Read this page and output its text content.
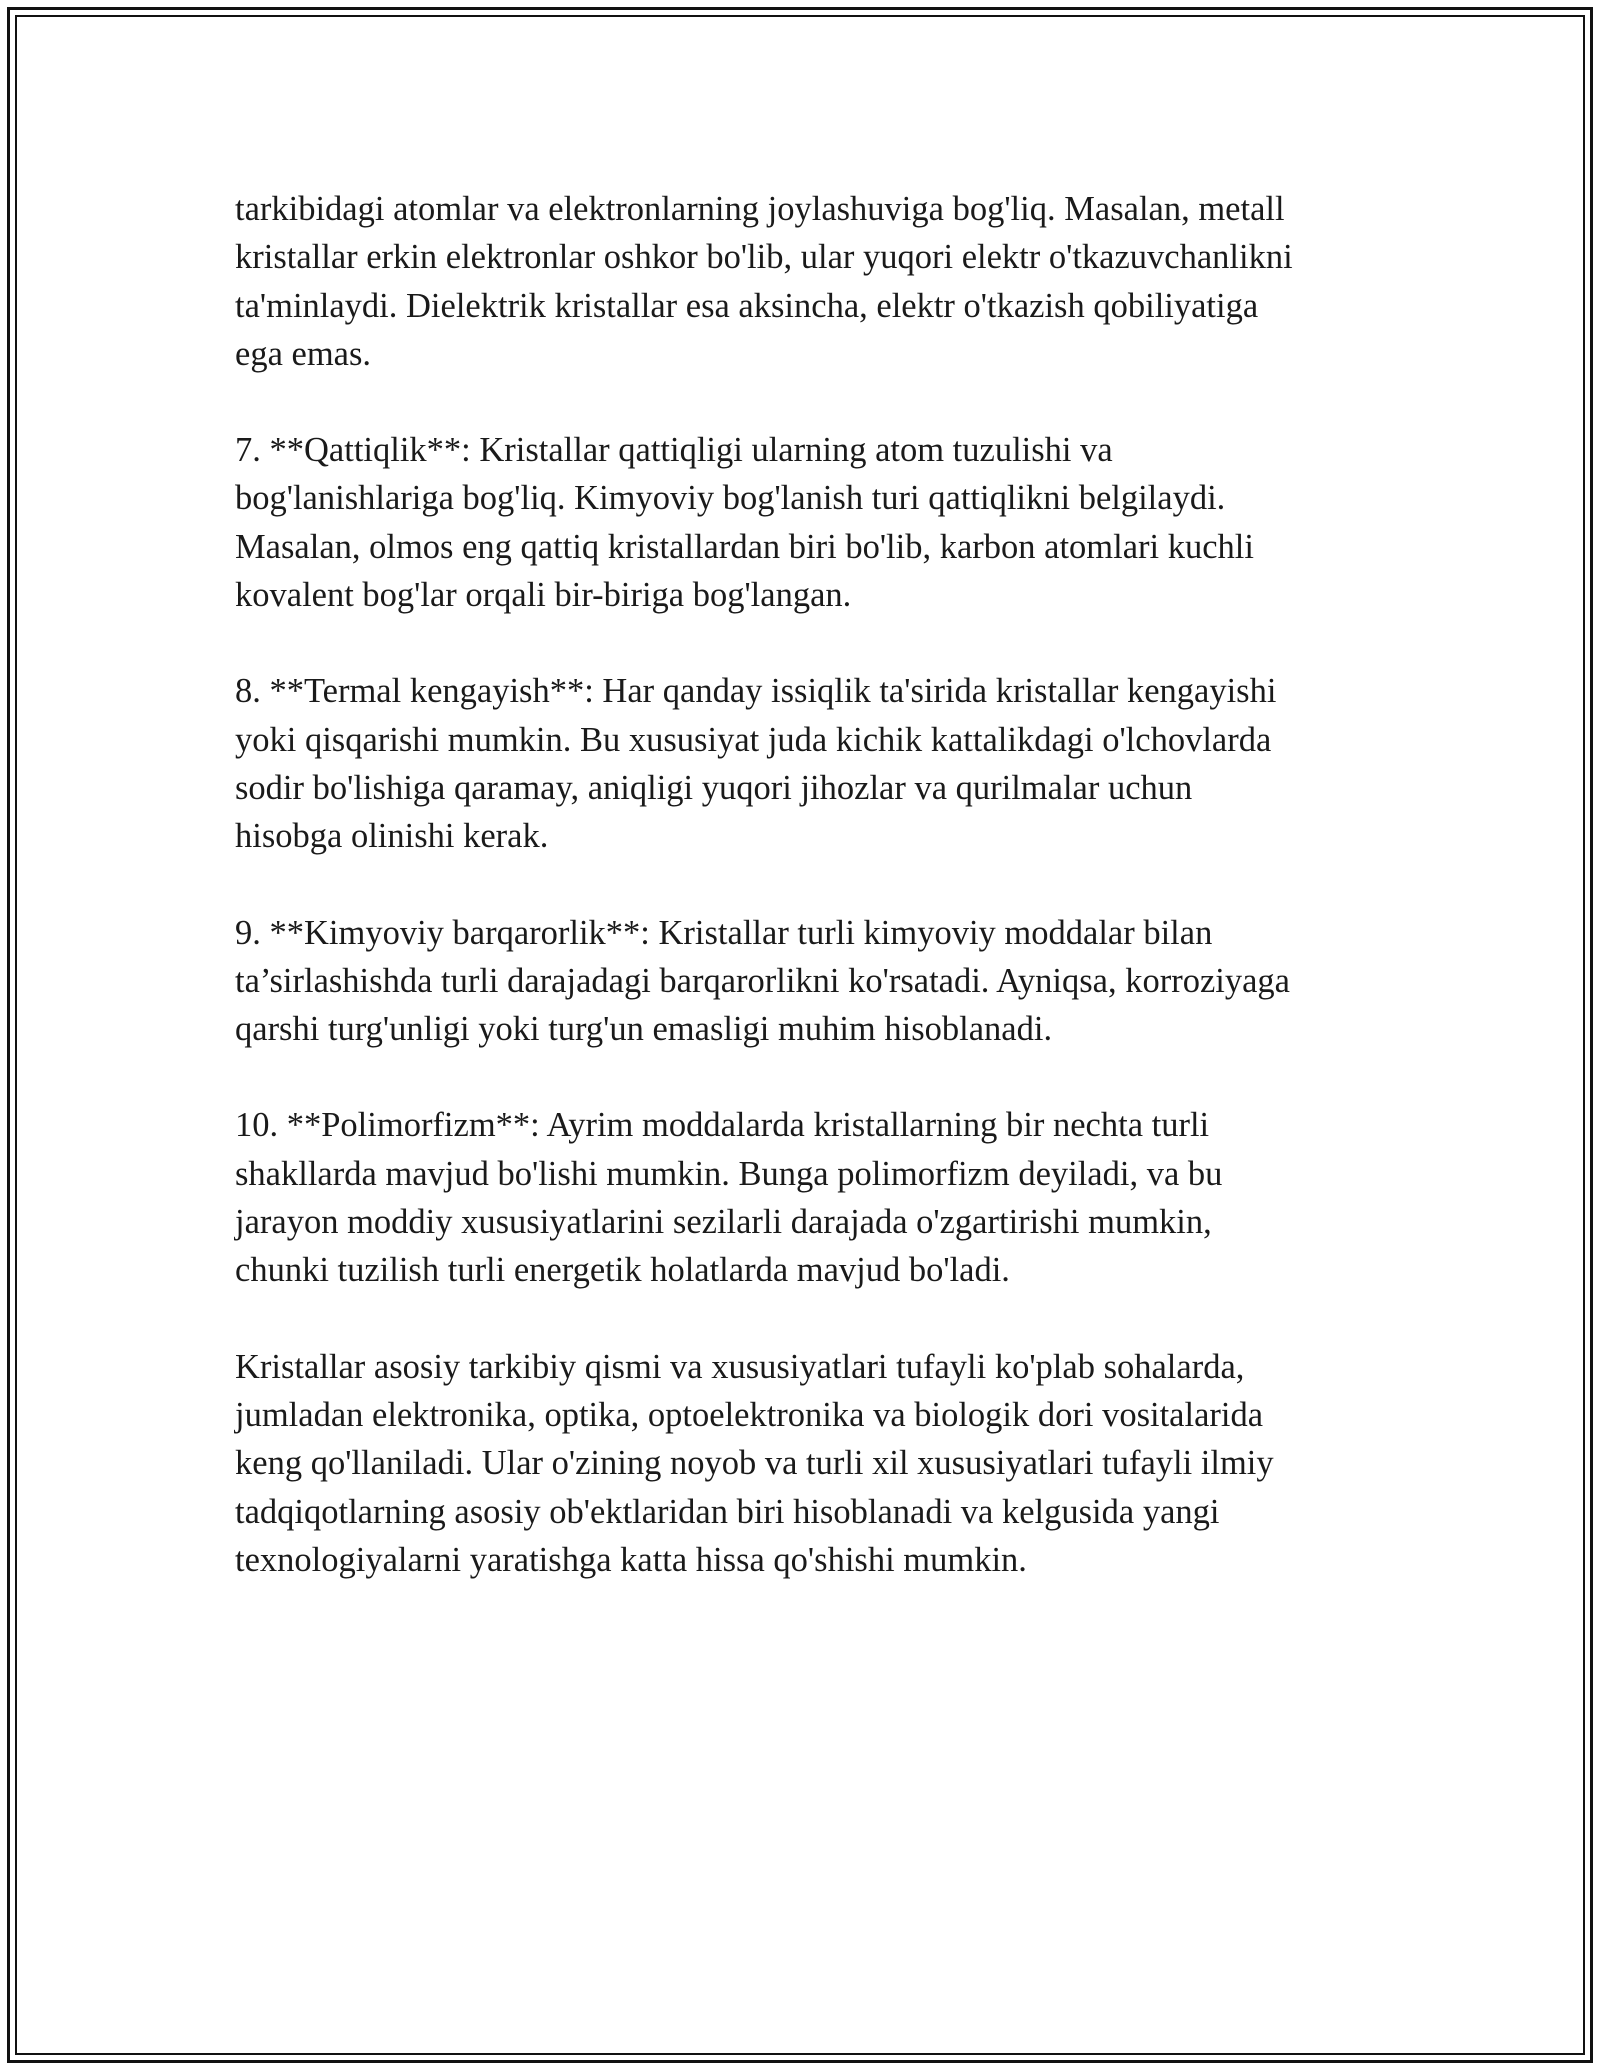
tarkibidagi atomlar va elektronlarning joylashuviga bog'liq. Masalan, metall
kristallar erkin elektronlar oshkor bo'lib, ular yuqori elektr o'tkazuvchanlikni
ta'minlaydi. Dielektrik kristallar esa aksincha, elektr o'tkazish qobiliyatiga
ega emas.

7. **Qattiqlik**: Kristallar qattiqligi ularning atom tuzulishi va
bog'lanishlariga bog'liq. Kimyoviy bog'lanish turi qattiqlikni belgilaydi.
Masalan, olmos eng qattiq kristallardan biri bo'lib, karbon atomlari kuchli
kovalent bog'lar orqali bir-biriga bog'langan.

8. **Termal kengayish**: Har qanday issiqlik ta'sirida kristallar kengayishi
yoki qisqarishi mumkin. Bu xususiyat juda kichik kattalikdagi o'lchovlarda
sodir bo'lishiga qaramay, aniqligi yuqori jihozlar va qurilmalar uchun
hisobga olinishi kerak.

9. **Kimyoviy barqarorlik**: Kristallar turli kimyoviy moddalar bilan
ta’sirlashishda turli darajadagi barqarorlikni ko'rsatadi. Ayniqsa, korroziyaga
qarshi turg'unligi yoki turg'un emasligi muhim hisoblanadi.

10. **Polimorfizm**: Ayrim moddalarda kristallarning bir nechta turli
shakllarda mavjud bo'lishi mumkin. Bunga polimorfizm deyiladi, va bu
jarayon moddiy xususiyatlarini sezilarli darajada o'zgartirishi mumkin,
chunki tuzilish turli energetik holatlarda mavjud bo'ladi.

Kristallar asosiy tarkibiy qismi va xususiyatlari tufayli ko'plab sohalarda,
jumladan elektronika, optika, optoelektronika va biologik dori vositalarida
keng qo'llaniladi. Ular o'zining noyob va turli xil xususiyatlari tufayli ilmiy
tadqiqotlarning asosiy ob'ektlaridan biri hisoblanadi va kelgusida yangi
texnologiyalarni yaratishga katta hissa qo'shishi mumkin.
